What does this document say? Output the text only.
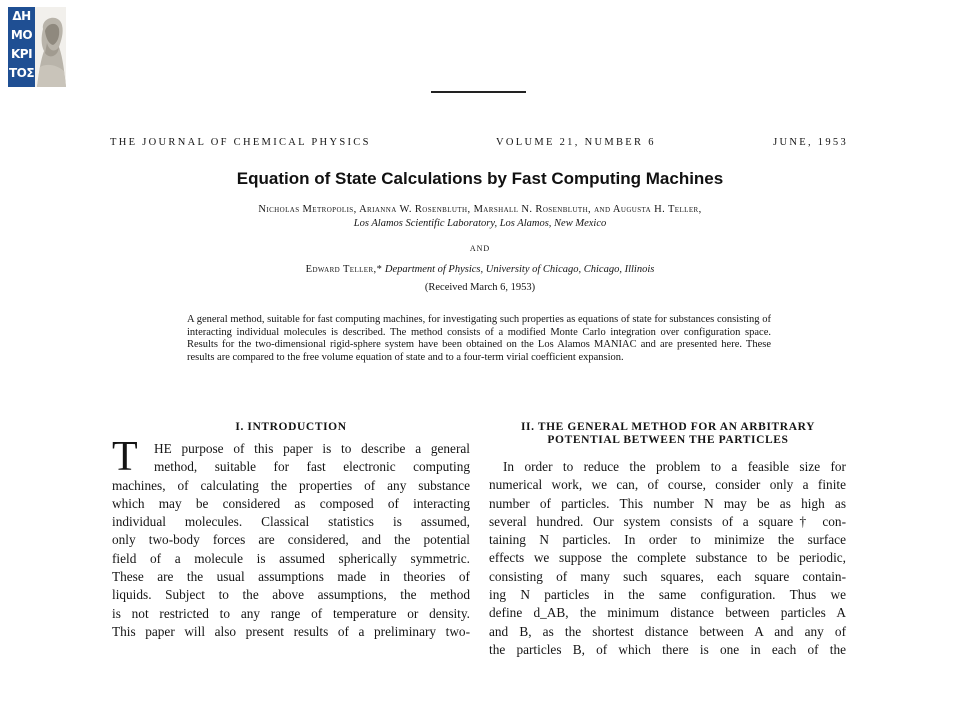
ΔΗ
ΜΟ
ΚΡΙ
ΤΟΣ
THE JOURNAL OF CHEMICAL PHYSICS	VOLUME 21, NUMBER 6	JUNE, 1953
Equation of State Calculations by Fast Computing Machines
Nicholas Metropolis, Arianna W. Rosenbluth, Marshall N. Rosenbluth, and Augusta H. Teller,
Los Alamos Scientific Laboratory, Los Alamos, New Mexico
AND
Edward Teller,* Department of Physics, University of Chicago, Chicago, Illinois
(Received March 6, 1953)
A general method, suitable for fast computing machines, for investigating such properties as equations of state for substances consisting of interacting individual molecules is described. The method consists of a modified Monte Carlo integration over configuration space. Results for the two-dimensional rigid-sphere system have been obtained on the Los Alamos MANIAC and are presented here. These results are compared to the free volume equation of state and to a four-term virial coefficient expansion.
I. INTRODUCTION	II. THE GENERAL METHOD FOR AN ARBITRARY
POTENTIAL BETWEEN THE PARTICLES
T	HE purpose of this paper is to describe a general
method, suitable for fast electronic computing
machines, of calculating the properties of any substance
which may be considered as composed of interacting
individual molecules. Classical statistics is assumed,
only two-body forces are considered, and the potential
field of a molecule is assumed spherically symmetric.
These are the usual assumptions made in theories of
liquids. Subject to the above assumptions, the method
is not restricted to any range of temperature or density.
This paper will also present results of a preliminary two-
In order to reduce the problem to a feasible size for
numerical work, we can, of course, consider only a finite
number of particles. This number N may be as high as
several hundred. Our system consists of a square† con-
taining N particles. In order to minimize the surface
effects we suppose the complete substance to be periodic,
consisting of many such squares, each square contain-
ing N particles in the same configuration. Thus we
define d_AB, the minimum distance between particles A
and B, as the shortest distance between A and any of
the particles B, of which there is one in each of the
